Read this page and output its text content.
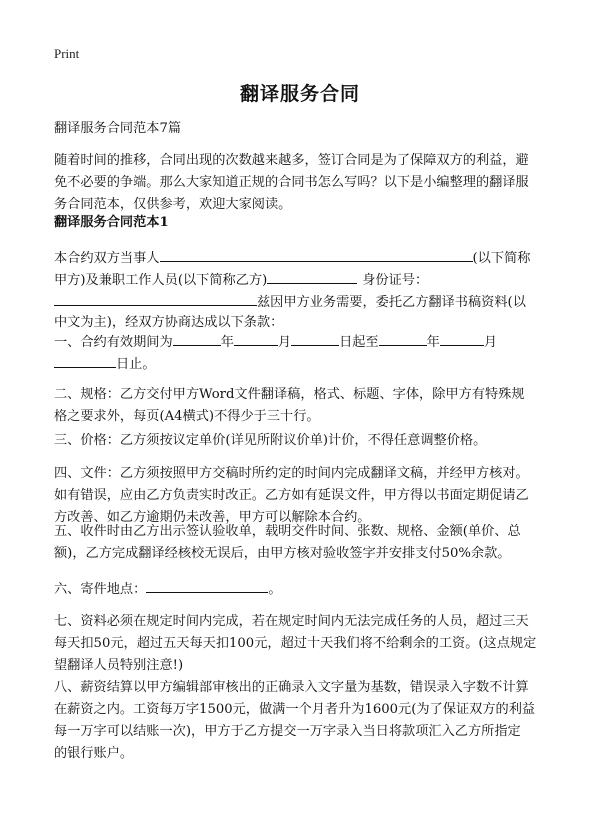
Print
翻译服务合同
翻译服务合同范本7篇
随着时间的推移，合同出现的次数越来越多，签订合同是为了保障双方的利益，避
免不必要的争端。那么大家知道正规的合同书怎么写吗？以下是小编整理的翻译服
务合同范本，仅供参考，欢迎大家阅读。
翻译服务合同范本1
本合约双方当事人	(以下简称
甲方)及兼职工作人员(以下简称乙方)	身份证号：
兹因甲方业务需要，委托乙方翻译书稿资料(以
中文为主)，经双方协商达成以下条款：
一、合约有效期间为	年	月	日起至	年	月
日止。
二、规格：乙方交付甲方Word文件翻译稿，格式、标题、字体，除甲方有特殊规
格之要求外，每页(A4横式)不得少于三十行。
三、价格：乙方须按议定单价(详见所附议价单)计价，不得任意调整价格。
四、文件：乙方须按照甲方交稿时所约定的时间内完成翻译文稿，并经甲方核对。
如有错误，应由乙方负责实时改正。乙方如有延误文件，甲方得以书面定期促请乙
方改善、如乙方逾期仍未改善，甲方可以解除本合约。
五、收件时由乙方出示签认验收单，载明交件时间、张数、规格、金额(单价、总
额)，乙方完成翻译经核校无误后，由甲方核对验收签字并安排支付50%余款。
六、寄件地点：	。
七、资料必须在规定时间内完成，若在规定时间内无法完成任务的人员，超过三天
每天扣50元，超过五天每天扣100元，超过十天我们将不给剩余的工资。(这点规定
望翻译人员特别注意!)
八、薪资结算以甲方编辑部审核出的正确录入文字量为基数，错误录入字数不计算
在薪资之内。工资每万字1500元，做满一个月者升为1600元(为了保证双方的利益
每一万字可以结账一次)，甲方于乙方提交一万字录入当日将款项汇入乙方所指定
的银行账户。
